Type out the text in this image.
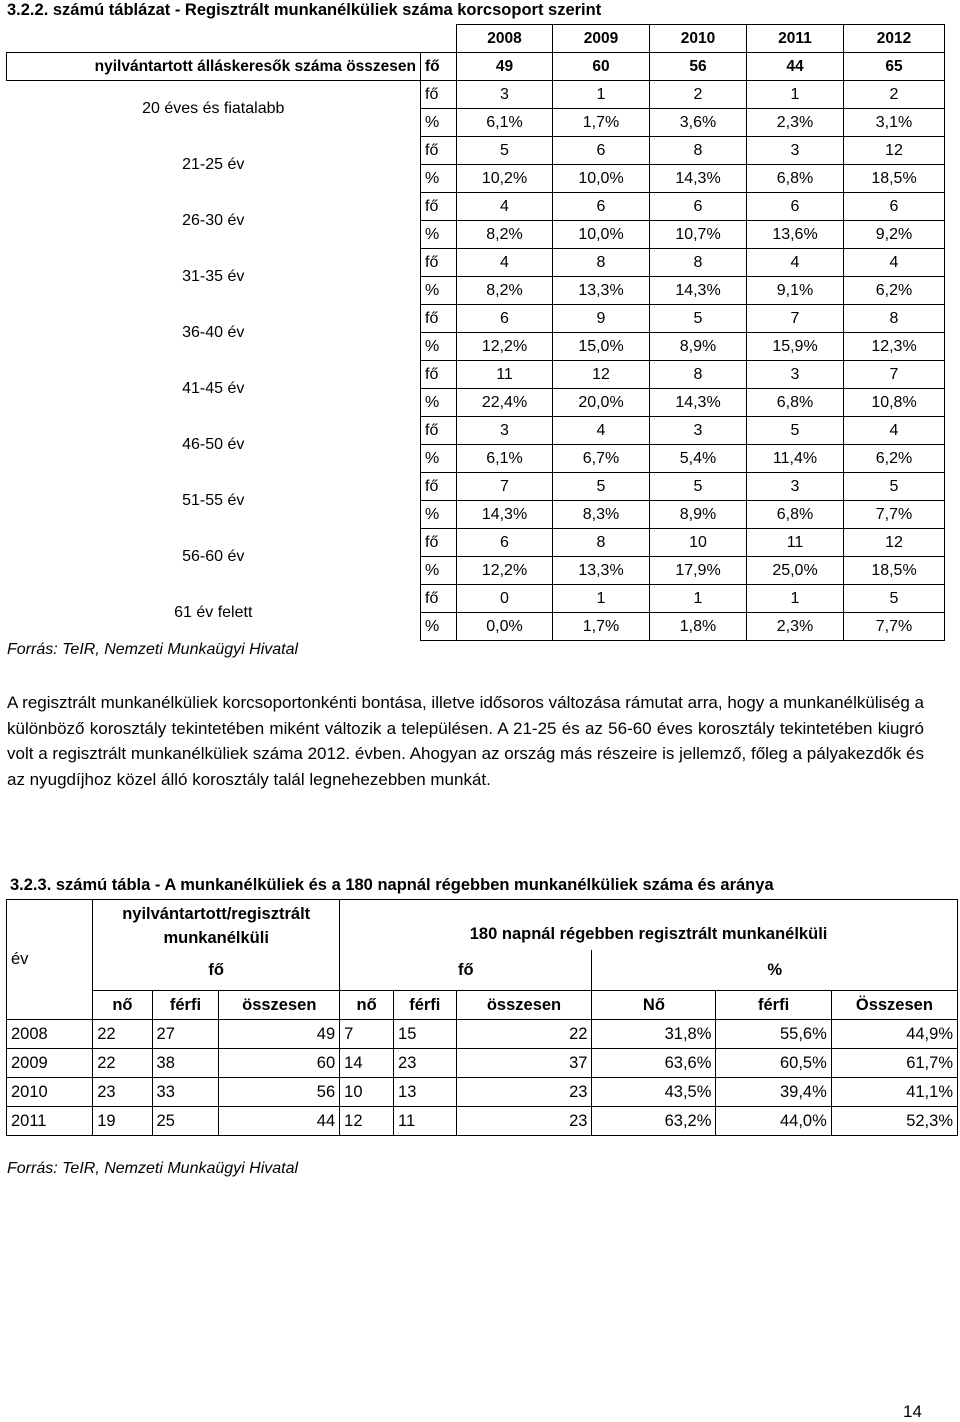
3.2.2. számú táblázat - Regisztrált munkanélküliek száma korcsoport szerint
		2008	2009	2010	2011	2012
nyilvántartott álláskeresők száma összesen	fő	49	60	56	44	65
20 éves és fiatalabb	fő	3	1	2	1	2
	%	6,1%	1,7%	3,6%	2,3%	3,1%
21-25 év	fő	5	6	8	3	12
	%	10,2%	10,0%	14,3%	6,8%	18,5%
26-30 év	fő	4	6	6	6	6
	%	8,2%	10,0%	10,7%	13,6%	9,2%
31-35 év	fő	4	8	8	4	4
	%	8,2%	13,3%	14,3%	9,1%	6,2%
36-40 év	fő	6	9	5	7	8
	%	12,2%	15,0%	8,9%	15,9%	12,3%
41-45 év	fő	11	12	8	3	7
	%	22,4%	20,0%	14,3%	6,8%	10,8%
46-50 év	fő	3	4	3	5	4
	%	6,1%	6,7%	5,4%	11,4%	6,2%
51-55 év	fő	7	5	5	3	5
	%	14,3%	8,3%	8,9%	6,8%	7,7%
56-60 év	fő	6	8	10	11	12
	%	12,2%	13,3%	17,9%	25,0%	18,5%
61 év felett	fő	0	1	1	1	5
	%	0,0%	1,7%	1,8%	2,3%	7,7%
Forrás: TeIR, Nemzeti Munkaügyi Hivatal
A regisztrált munkanélküliek korcsoportonkénti bontása, illetve idősoros változása rámutat arra, hogy a munkanélküliség a különböző korosztály tekintetében miként változik a településen. A 21-25 és az 56-60 éves korosztály tekintetében kiugró volt a regisztrált munkanélküliek száma 2012. évben. Ahogyan az ország más részeire is jellemző, főleg a pályakezdők és az nyugdíjhoz közel álló korosztály talál legnehezebben munkát.
3.2.3. számú tábla - A munkanélküliek és a 180 napnál régebben munkanélküliek száma és aránya
év	nyilvántartott/regisztrált munkanélküli			180 napnál régebben regisztrált munkanélküli					
	fő			fő			%		
	nő	férfi	összesen	nő	férfi	összesen	Nő	férfi	Összesen
2008	22	27	49	7	15	22	31,8%	55,6%	44,9%
2009	22	38	60	14	23	37	63,6%	60,5%	61,7%
2010	23	33	56	10	13	23	43,5%	39,4%	41,1%
2011	19	25	44	12	11	23	63,2%	44,0%	52,3%
Forrás: TeIR, Nemzeti Munkaügyi Hivatal
14
